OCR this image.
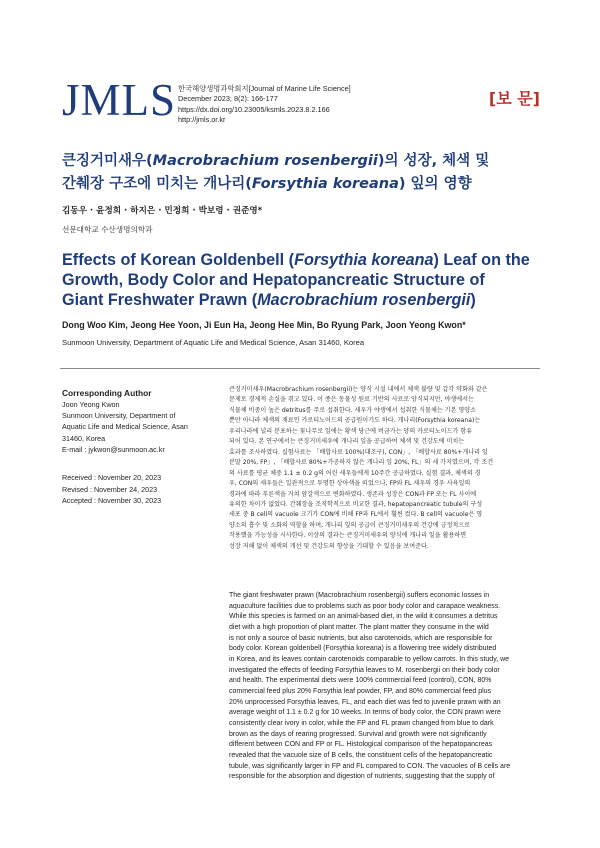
JMLS 한국해양생명과학회지[Journal of Marine Life Science]
December 2023; 8(2): 166-177
https://dx.doi.org/10.23005/ksmls.2023.8.2.166
http://jmls.or.kr
[보 문]
큰징거미새우(Macrobrachium rosenbergii)의 성장, 체색 및
간췌장 구조에 미치는 개나리(Forsythia koreana) 잎의 영향
김동우 · 윤정희 · 하지은 · 민정희 · 박보령 · 권준영*
선문대학교 수산생명의학과
Effects of Korean Goldenbell (Forsythia koreana) Leaf on the
Growth, Body Color and Hepatopancreatic Structure of
Giant Freshwater Prawn (Macrobrachium rosenbergii)
Dong Woo Kim, Jeong Hee Yoon, Ji Eun Ha, Jeong Hee Min, Bo Ryung Park, Joon Yeong Kwon*
Sunmoon University, Department of Aquatic Life and Medical Science, Asan 31460, Korea
Corresponding Author
Joon Yeong Kwon
Sunmoon University, Department of
Aquatic Life and Medical Science, Asan
31460, Korea
E-mail : jykwon@sunmoon.ac.kr
Received : November 20, 2023
Revised : November 24, 2023
Accepted : November 30, 2023
큰징거미새우(Macrobrachium rosenbergii)는 양식 시설 내에서 체색 불량 및 갑각 약화와 같은
문제로 경제적 손실을 겪고 있다. 이 종은 동물성 원료 기반의 사료로 양식되지만, 야생에서는
식물체 비중이 높은 detritus를 주로 섭취한다. 새우가 야생에서 섭취한 식물체는 기본 영양소
뿐만 아니라 체색의 재료인 카로티노이드의 공급원이기도 하다. 개나리(Forsythia koreana)는
우리나라에 널리 분포하는 꽃나무로 잎에는 황색 당근에 버금가는 양의 카로티노이드가 함유
되어 있다. 본 연구에서는 큰징거미새우에 개나리 잎을 공급하여 체색 및 건강도에 미치는
효과를 조사하였다. 실험사료는 「배합사료 100%(대조구), CON」, 「배합사료 80%+개나리 잎
분말 20%, FP」, 「배합사료 80%+가공하지 않은 개나리 잎 20%, FL」의 세 가지였으며, 각 조건
의 사료를 평균 체중 1.1 ± 0.2 g의 어린 새우들에게 10주간 공급하였다. 실험 결과, 체색의 경
우, CON의 새우들은 일관적으로 투명한 상아색을 띠었으나, FP와 FL 새우의 경우 사육일의
경과에 따라 푸른색을 거쳐 암갈색으로 변화하였다. 생존과 성장은 CON과 FP 또는 FL 사이에
유의한 차이가 없었다. 간췌장을 조직학적으로 비교한 결과, hepatopancreatic tubule의 구성
세포 중 B cell의 vacuole 크기가 CON에 비해 FP과 FL에서 훨씬 컸다. B cell의 vacuole은 영
양소의 흡수 및 소화의 역할을 하며, 개나리 잎의 공급이 큰징거미새우의 건강에 긍정적으로
작용했을 가능성을 시사한다. 이상의 결과는 큰징거미새우의 양식에 개나리 잎을 활용하면
성장 저해 없이 체색의 개선 및 건강도의 향상을 기대할 수 있음을 보여준다.
The giant freshwater prawn (Macrobrachium rosenbergii) suffers economic losses in
aquaculture facilities due to problems such as poor body color and carapace weakness.
While this species is farmed on an animal-based diet, in the wild it consumes a detritus
diet with a high proportion of plant matter. The plant matter they consume in the wild
is not only a source of basic nutrients, but also carotenoids, which are responsible for
body color. Korean goldenbell (Forsythia koreana) is a flowering tree widely distributed
in Korea, and its leaves contain carotenoids comparable to yellow carrots. In this study, we
investigated the effects of feeding Forsythia leaves to M. rosenbergii on their body color
and health. The experimental diets were 100% commercial feed (control), CON, 80%
commercial feed plus 20% Forsythia leaf powder, FP, and 80% commercial feed plus
20% unprocessed Forsythia leaves, FL, and each diet was fed to juvenile prawn with an
average weight of 1.1 ± 0.2 g for 10 weeks. In terms of body color, the CON prawn were
consistently clear ivory in color, while the FP and FL prawn changed from blue to dark
brown as the days of rearing progressed. Survival and growth were not significantly
different between CON and FP or FL. Histological comparison of the hepatopancreas
revealed that the vacuole size of B cells, the constituent cells of the hepatopancreatic
tubule, was significantly larger in FP and FL compared to CON. The vacuoles of B cells are
responsible for the absorption and digestion of nutrients, suggesting that the supply of
